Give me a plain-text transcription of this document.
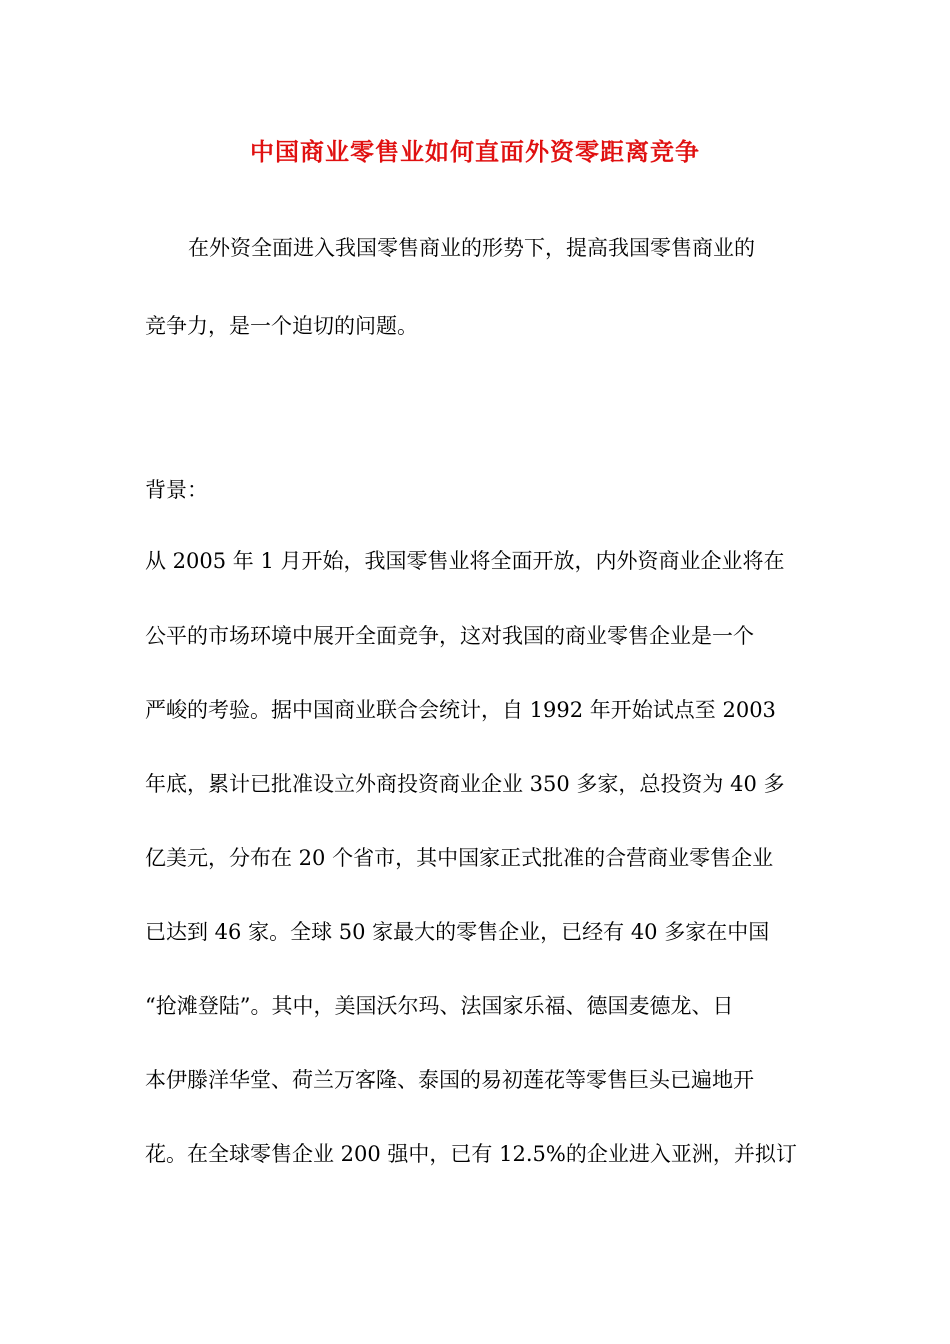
中国商业零售业如何直面外资零距离竞争
在外资全面进入我国零售商业的形势下，提高我国零售商业的
竞争力，是一个迫切的问题。
背景：
从 2005 年 1 月开始，我国零售业将全面开放，内外资商业企业将在
公平的市场环境中展开全面竞争，这对我国的商业零售企业是一个
严峻的考验。据中国商业联合会统计，自 1992 年开始试点至 2003
年底，累计已批准设立外商投资商业企业 350 多家，总投资为 40 多
亿美元，分布在 20 个省市，其中国家正式批准的合营商业零售企业
已达到 46 家。全球 50 家最大的零售企业，已经有 40 多家在中国
“抢滩登陆”。其中，美国沃尔玛、法国家乐福、德国麦德龙、日
本伊滕洋华堂、荷兰万客隆、泰国的易初莲花等零售巨头已遍地开
花。在全球零售企业 200 强中，已有 12.5%的企业进入亚洲，并拟订
